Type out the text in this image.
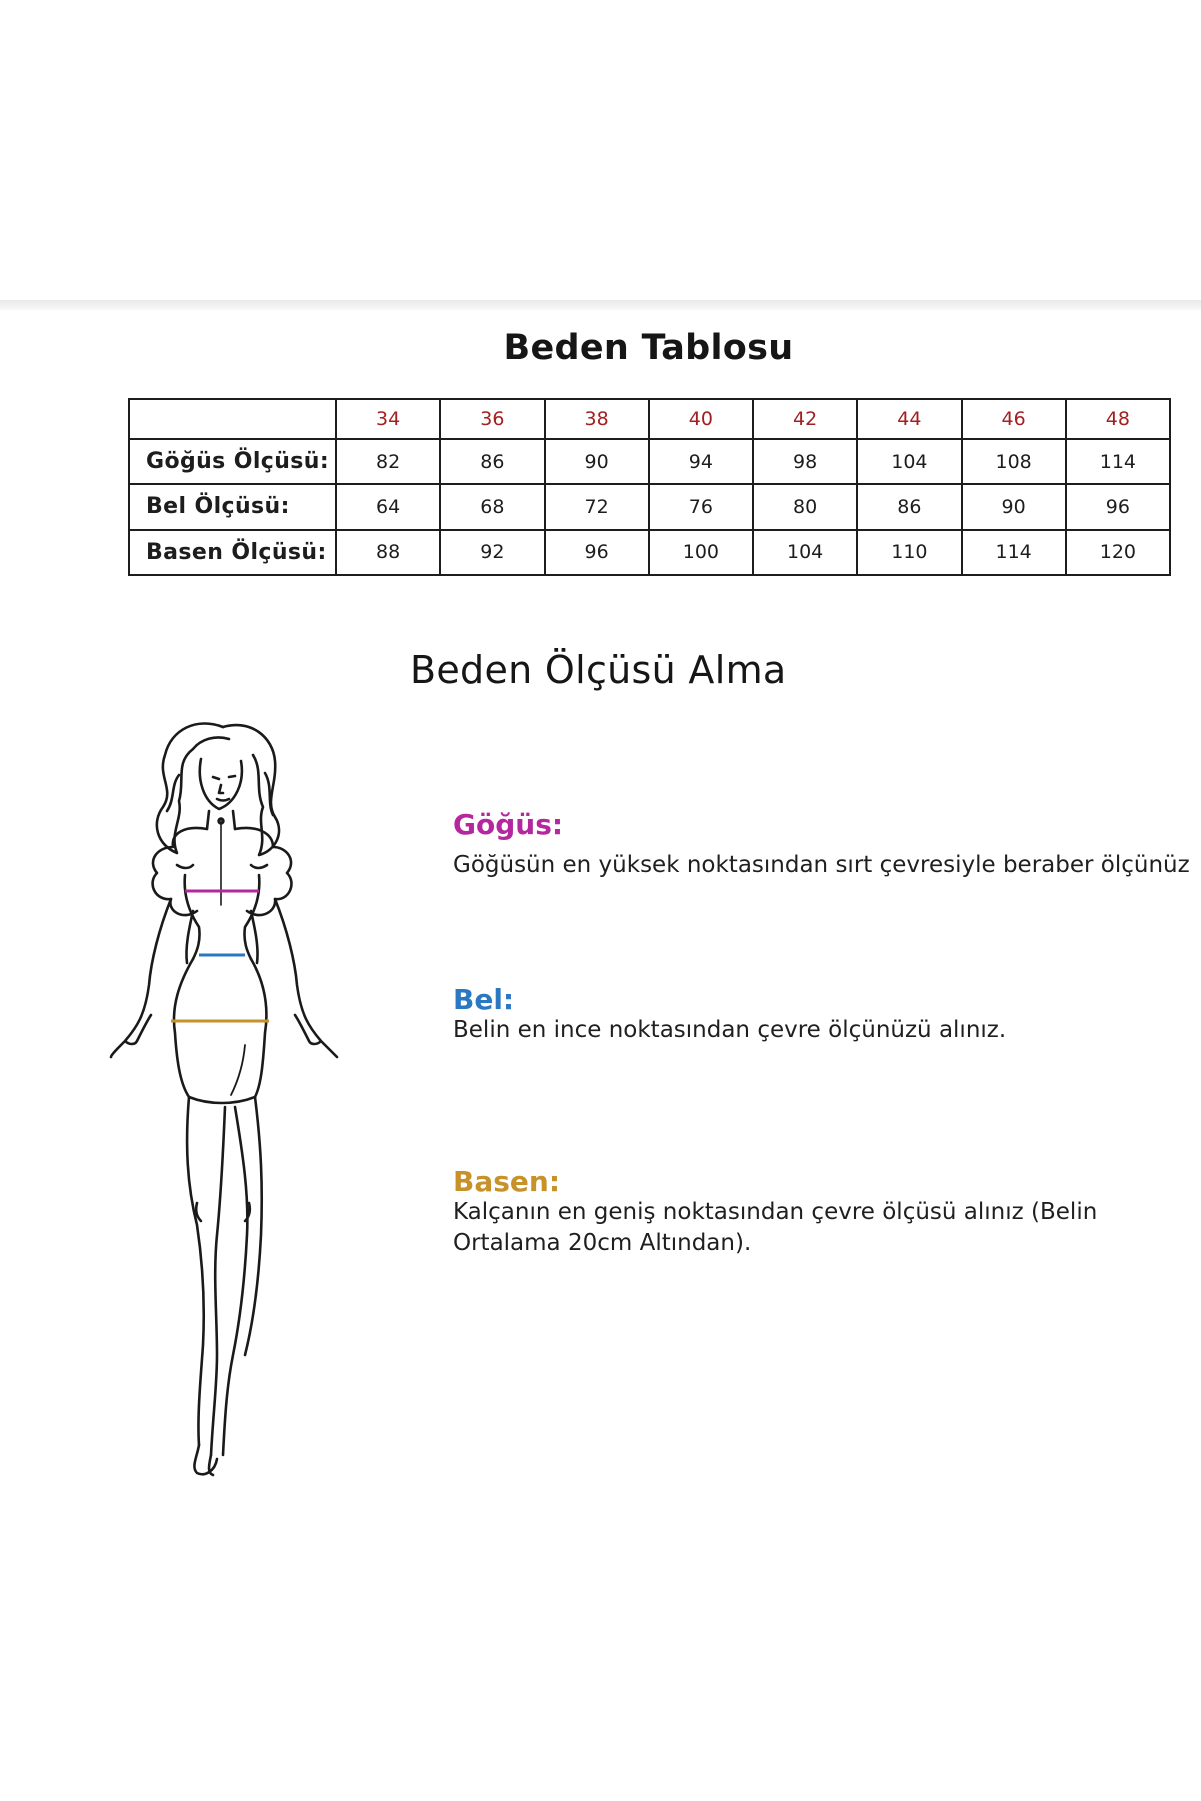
Beden Tablosu
	34	36	38	40	42	44	46	48
Göğüs Ölçüsü:	82	86	90	94	98	104	108	114
Bel Ölçüsü:	64	68	72	76	80	86	90	96
Basen Ölçüsü:	88	92	96	100	104	110	114	120
Beden Ölçüsü Alma
Göğüs:
Göğüsün en yüksek noktasından sırt çevresiyle beraber ölçünüz
Bel:
Belin en ince noktasından çevre ölçünüzü alınız.
Basen:
Kalçanın en geniş noktasından çevre ölçüsü alınız (Belin Ortalama 20cm Altından).
